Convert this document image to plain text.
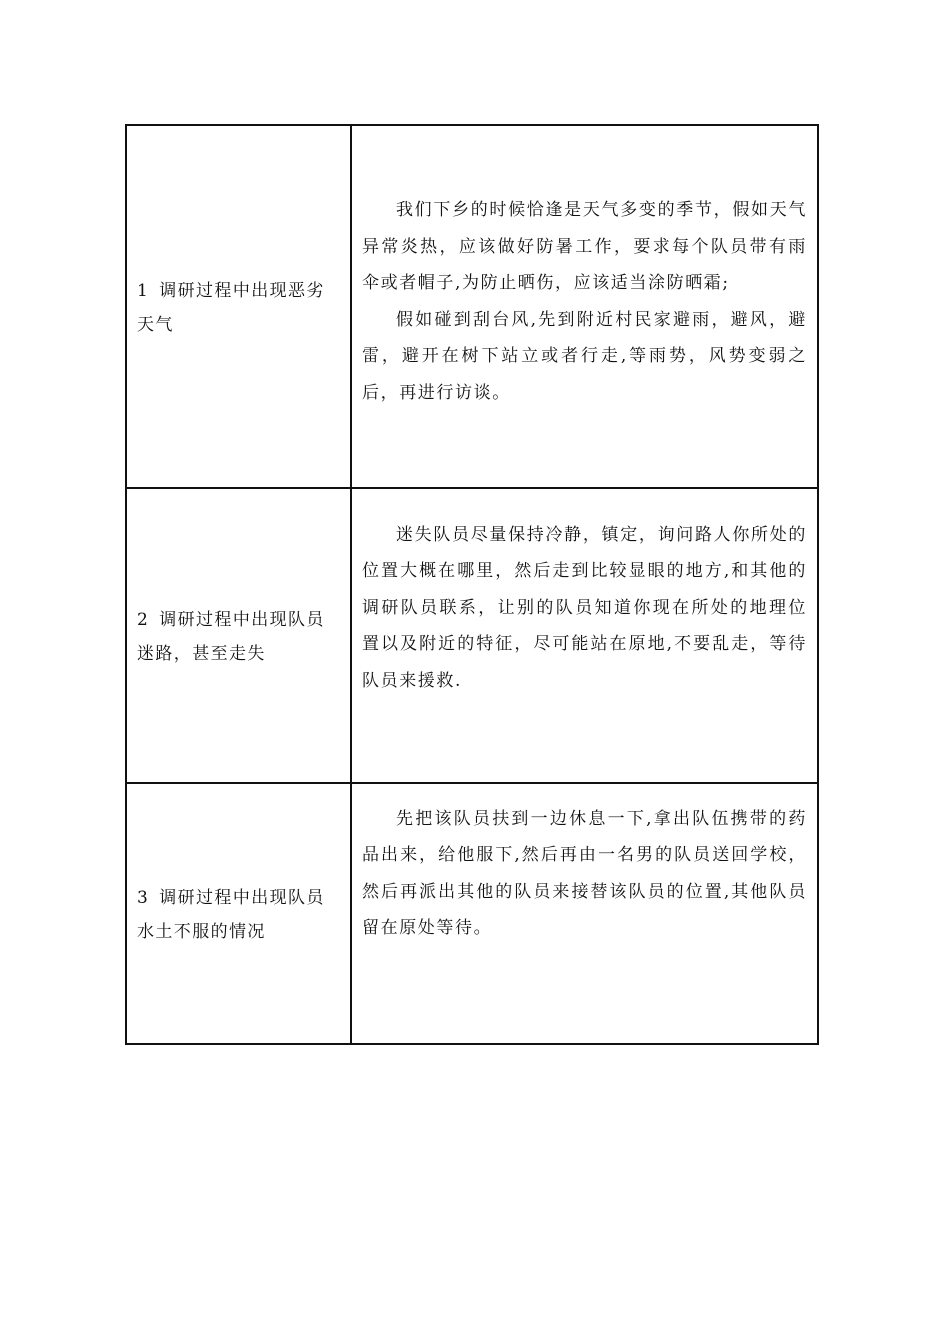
1 调研过程中出现恶劣天气	我们下乡的时候恰逢是天气多变的季节，假如天气异常炎热，应该做好防暑工作，要求每个队员带有雨伞或者帽子,为防止晒伤，应该适当涂防晒霜;

假如碰到刮台风,先到附近村民家避雨，避风，避雷，避开在树下站立或者行走,等雨势，风势变弱之后，再进行访谈。

2 调研过程中出现队员迷路，甚至走失	迷失队员尽量保持冷静，镇定，询问路人你所处的位置大概在哪里，然后走到比较显眼的地方,和其他的调研队员联系，让别的队员知道你现在所处的地理位置以及附近的特征，尽可能站在原地,不要乱走，等待队员来援救.

3 调研过程中出现队员水土不服的情况	先把该队员扶到一边休息一下,拿出队伍携带的药品出来，给他服下,然后再由一名男的队员送回学校，然后再派出其他的队员来接替该队员的位置,其他队员留在原处等待。
